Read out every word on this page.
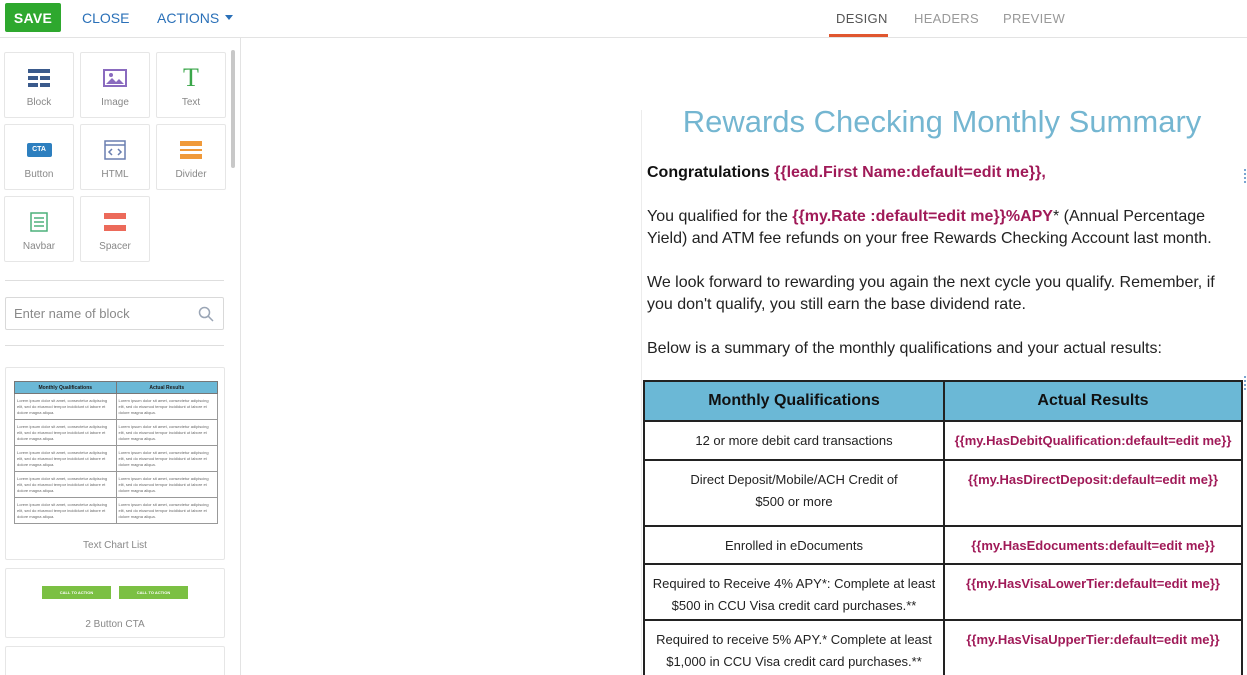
SAVE	CLOSE ACTIONS	DESIGN HEADERS PREVIEW
Block	Image
T
Text
CTA
Button	HTML	Divider
Navbar	Spacer
Enter name of block
Monthly Qualifications	Actual Results
Lorem ipsum dolor sit amet, consectetur adipiscing elit, sed do eiusmod tempor incididunt ut labore et dolore magna aliqua.	Lorem ipsum dolor sit amet, consectetur adipiscing elit, sed do eiusmod tempor incididunt ut labore et dolore magna aliqua.
Lorem ipsum dolor sit amet, consectetur adipiscing elit, sed do eiusmod tempor incididunt ut labore et dolore magna aliqua.	Lorem ipsum dolor sit amet, consectetur adipiscing elit, sed do eiusmod tempor incididunt ut labore et dolore magna aliqua.
Lorem ipsum dolor sit amet, consectetur adipiscing elit, sed do eiusmod tempor incididunt ut labore et dolore magna aliqua.	Lorem ipsum dolor sit amet, consectetur adipiscing elit, sed do eiusmod tempor incididunt ut labore et dolore magna aliqua.
Lorem ipsum dolor sit amet, consectetur adipiscing elit, sed do eiusmod tempor incididunt ut labore et dolore magna aliqua.	Lorem ipsum dolor sit amet, consectetur adipiscing elit, sed do eiusmod tempor incididunt ut labore et dolore magna aliqua.
Lorem ipsum dolor sit amet, consectetur adipiscing elit, sed do eiusmod tempor incididunt ut labore et dolore magna aliqua.	Lorem ipsum dolor sit amet, consectetur adipiscing elit, sed do eiusmod tempor incididunt ut labore et dolore magna aliqua.
Text Chart List
CALL TO ACTION	CALL TO ACTION
2 Button CTA
Rewards Checking Monthly Summary
Congratulations {{lead.First Name:default=edit me}},
You qualified for the {{my.Rate :default=edit me}}%APY* (Annual Percentage Yield) and ATM fee refunds on your free Rewards Checking Account last month.
We look forward to rewarding you again the next cycle you qualify. Remember, if you don't qualify, you still earn the base dividend rate.
Below is a summary of the monthly qualifications and your actual results:
Monthly Qualifications	Actual Results
12 or more debit card transactions	{{my.HasDebitQualification:default=edit me}}
Direct Deposit/Mobile/ACH Credit of
$500 or more	{{my.HasDirectDeposit:default=edit me}}
Enrolled in eDocuments	{{my.HasEdocuments:default=edit me}}
Required to Receive 4% APY*: Complete at least
$500 in CCU Visa credit card purchases.**	{{my.HasVisaLowerTier:default=edit me}}
Required to receive 5% APY.* Complete at least
$1,000 in CCU Visa credit card purchases.**	{{my.HasVisaUpperTier:default=edit me}}
